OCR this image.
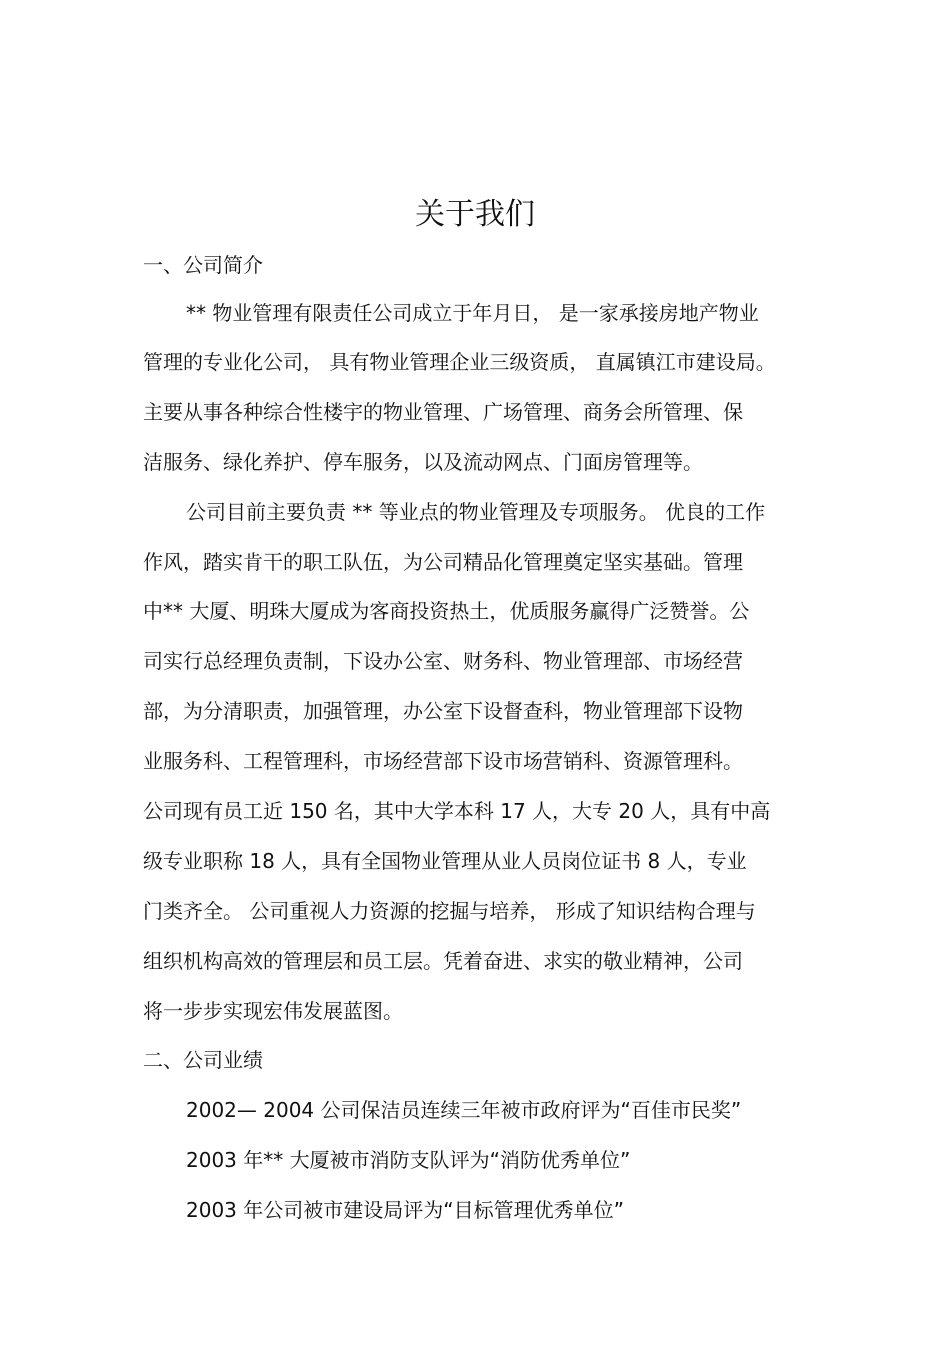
关于我们
一、公司简介
** 物业管理有限责任公司成立于年月日， 是一家承接房地产物业
管理的专业化公司， 具有物业管理企业三级资质， 直属镇江市建设局。
主要从事各种综合性楼宇的物业管理、广场管理、商务会所管理、保
洁服务、绿化养护、停车服务，以及流动网点、门面房管理等。
公司目前主要负责 ** 等业点的物业管理及专项服务。 优良的工作
作风，踏实肯干的职工队伍，为公司精品化管理奠定坚实基础。管理
中** 大厦、明珠大厦成为客商投资热土，优质服务赢得广泛赞誉。公
司实行总经理负责制，下设办公室、财务科、物业管理部、市场经营
部，为分清职责，加强管理，办公室下设督查科，物业管理部下设物
业服务科、工程管理科，市场经营部下设市场营销科、资源管理科。
公司现有员工近 150 名，其中大学本科 17 人，大专 20 人，具有中高
级专业职称 18 人，具有全国物业管理从业人员岗位证书 8 人，专业
门类齐全。 公司重视人力资源的挖掘与培养， 形成了知识结构合理与
组织机构高效的管理层和员工层。凭着奋进、求实的敬业精神，公司
将一步步实现宏伟发展蓝图。
二、公司业绩
2002— 2004 公司保洁员连续三年被市政府评为“百佳市民奖”
2003 年** 大厦被市消防支队评为“消防优秀单位”
2003 年公司被市建设局评为“目标管理优秀单位”
